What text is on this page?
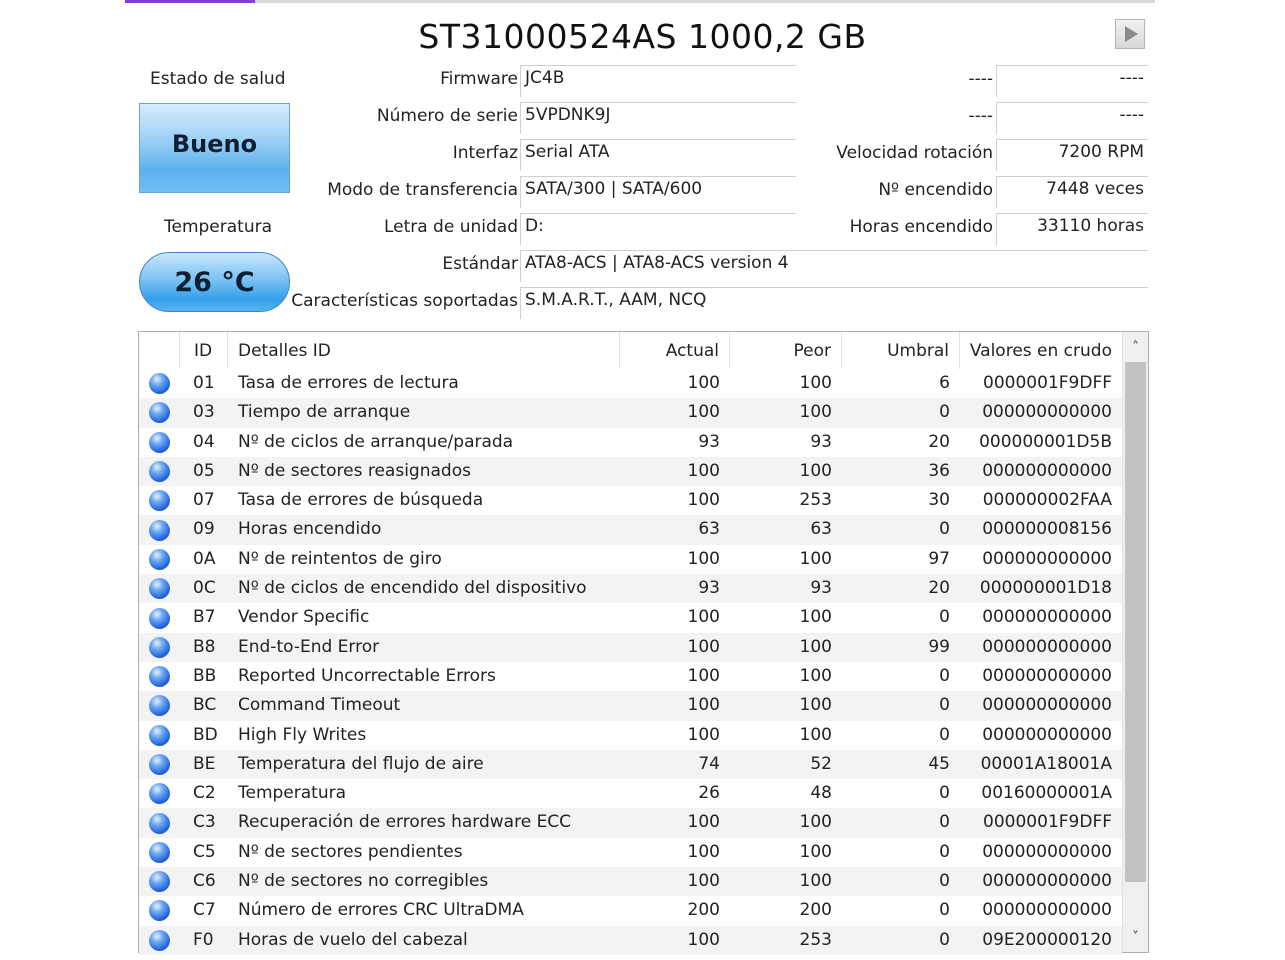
ST31000524AS 1000,2 GB
Estado de salud
Bueno
Temperatura
26 °C
Firmware JC4B
Número de serie 5VPDNK9J
Interfaz Serial ATA
Modo de transferencia SATA/300 | SATA/600
Letra de unidad D:
Estándar ATA8-ACS | ATA8-ACS version 4
Características soportadas S.M.A.R.T., AAM, NCQ
----	----
----	----
Velocidad rotación	7200 RPM
Nº encendido	7448 veces
Horas encendido	33110 horas
ID	Detalles ID	Actual	Peor	Umbral	Valores en crudo
01	Tasa de errores de lectura	100	100	6	0000001F9DFF
03	Tiempo de arranque	100	100	0	000000000000
04	Nº de ciclos de arranque/parada	93	93	20	000000001D5B
05	Nº de sectores reasignados	100	100	36	000000000000
07	Tasa de errores de búsqueda	100	253	30	000000002FAA
09	Horas encendido	63	63	0	000000008156
0A	Nº de reintentos de giro	100	100	97	000000000000
0C	Nº de ciclos de encendido del dispositivo	93	93	20	000000001D18
B7	Vendor Specific	100	100	0	000000000000
B8	End-to-End Error	100	100	99	000000000000
BB	Reported Uncorrectable Errors	100	100	0	000000000000
BC	Command Timeout	100	100	0	000000000000
BD	High Fly Writes	100	100	0	000000000000
BE	Temperatura del flujo de aire	74	52	45	00001A18001A
C2	Temperatura	26	48	0	00160000001A
C3	Recuperación de errores hardware ECC	100	100	0	0000001F9DFF
C5	Nº de sectores pendientes	100	100	0	000000000000
C6	Nº de sectores no corregibles	100	100	0	000000000000
C7	Número de errores CRC UltraDMA	200	200	0	000000000000
F0	Horas de vuelo del cabezal	100	253	0	09E200000120
˄
˅
